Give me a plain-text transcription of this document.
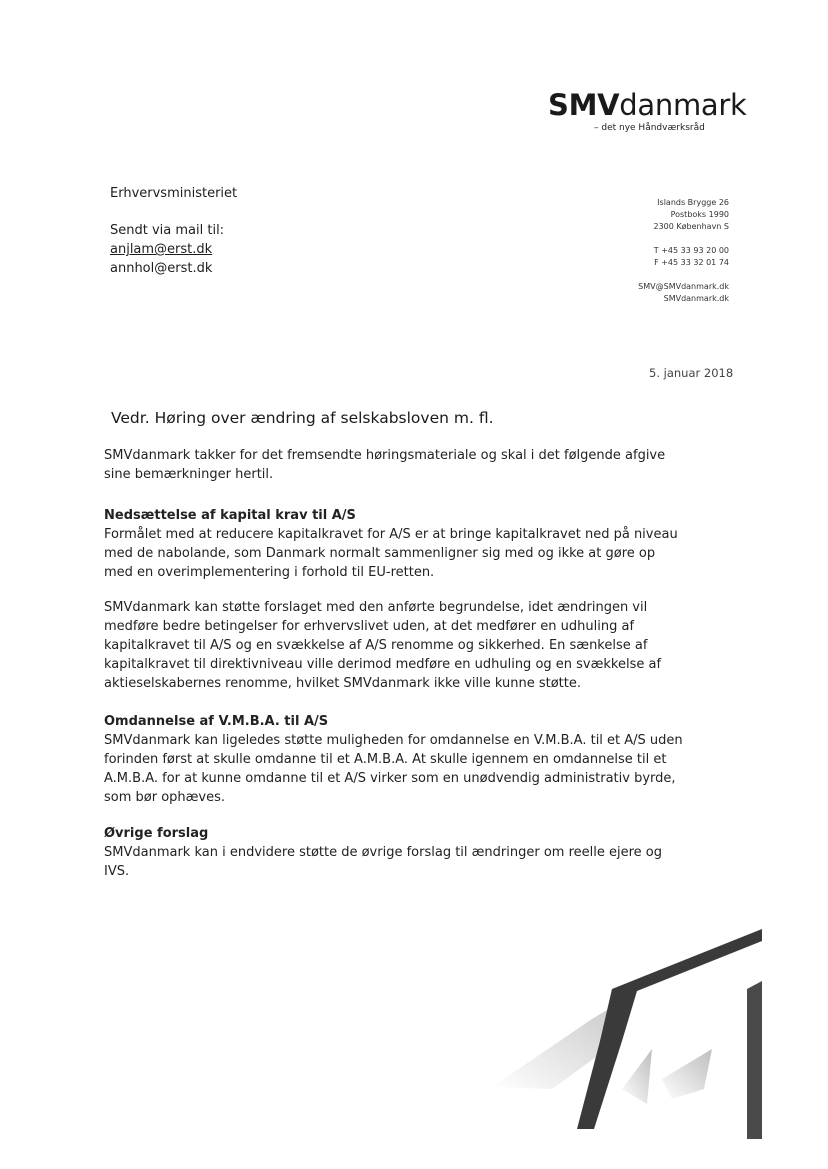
SMVdanmark
– det nye Håndværksråd
Erhvervsministeriet
Sendt via mail til:
anjlam@erst.dk
annhol@erst.dk
Islands Brygge 26
Postboks 1990
2300 København S
T +45 33 93 20 00
F +45 33 32 01 74
SMV@SMVdanmark.dk
SMVdanmark.dk
5. januar 2018
Vedr. Høring over ændring af selskabsloven m. fl.
SMVdanmark takker for det fremsendte høringsmateriale og skal i det følgende afgive sine bemærkninger hertil.
Nedsættelse af kapital krav til A/S
Formålet med at reducere kapitalkravet for A/S er at bringe kapitalkravet ned på niveau med de nabolande, som Danmark normalt sammenligner sig med og ikke at gøre op med en overimplementering i forhold til EU-retten.
SMVdanmark kan støtte forslaget med den anførte begrundelse, idet ændringen vil medføre bedre betingelser for erhvervslivet uden, at det medfører en udhuling af kapitalkravet til A/S og en svækkelse af A/S renomme og sikkerhed. En sænkelse af kapitalkravet til direktivniveau ville derimod medføre en udhuling og en svækkelse af aktieselskabernes renomme, hvilket SMVdanmark ikke ville kunne støtte.
Omdannelse af V.M.B.A. til A/S
SMVdanmark kan ligeledes støtte muligheden for omdannelse en V.M.B.A. til et A/S uden forinden først at skulle omdanne til et A.M.B.A. At skulle igennem en omdannelse til et A.M.B.A. for at kunne omdanne til et A/S virker som en unødvendig administrativ byrde, som bør ophæves.
Øvrige forslag
SMVdanmark kan i endvidere støtte de øvrige forslag til ændringer om reelle ejere og IVS.
